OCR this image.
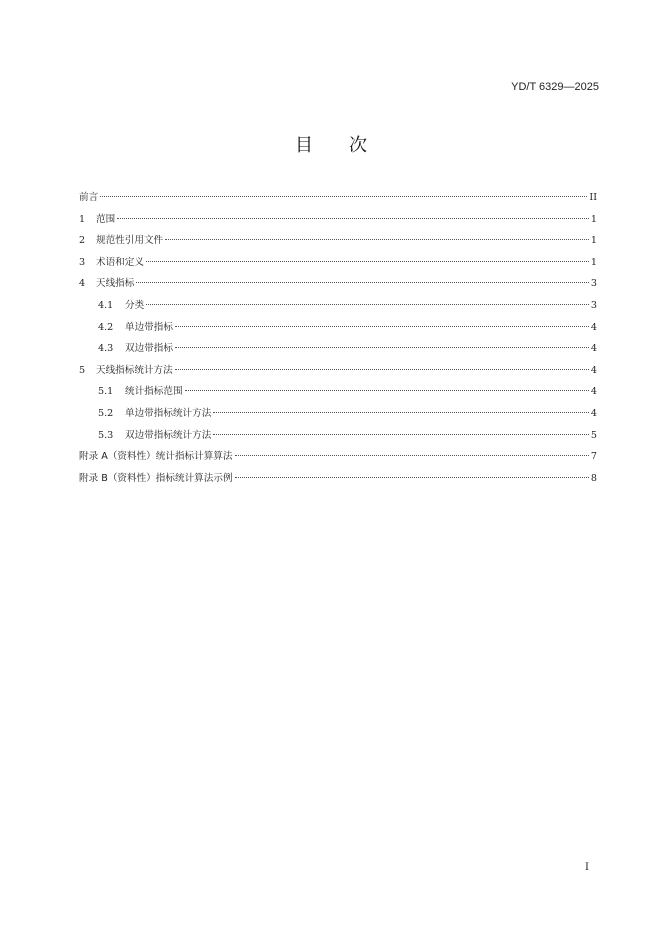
YD/T 6329—2025
目次
前言	II
1	范围	1
2	规范性引用文件	1
3	术语和定义	1
4	天线指标	3
4.1	分类	3
4.2	单边带指标	4
4.3	双边带指标	4
5	天线指标统计方法	4
5.1	统计指标范围	4
5.2	单边带指标统计方法	4
5.3	双边带指标统计方法	5
附录 A（资料性）统计指标计算算法	7
附录 B（资料性）指标统计算法示例	8
I
